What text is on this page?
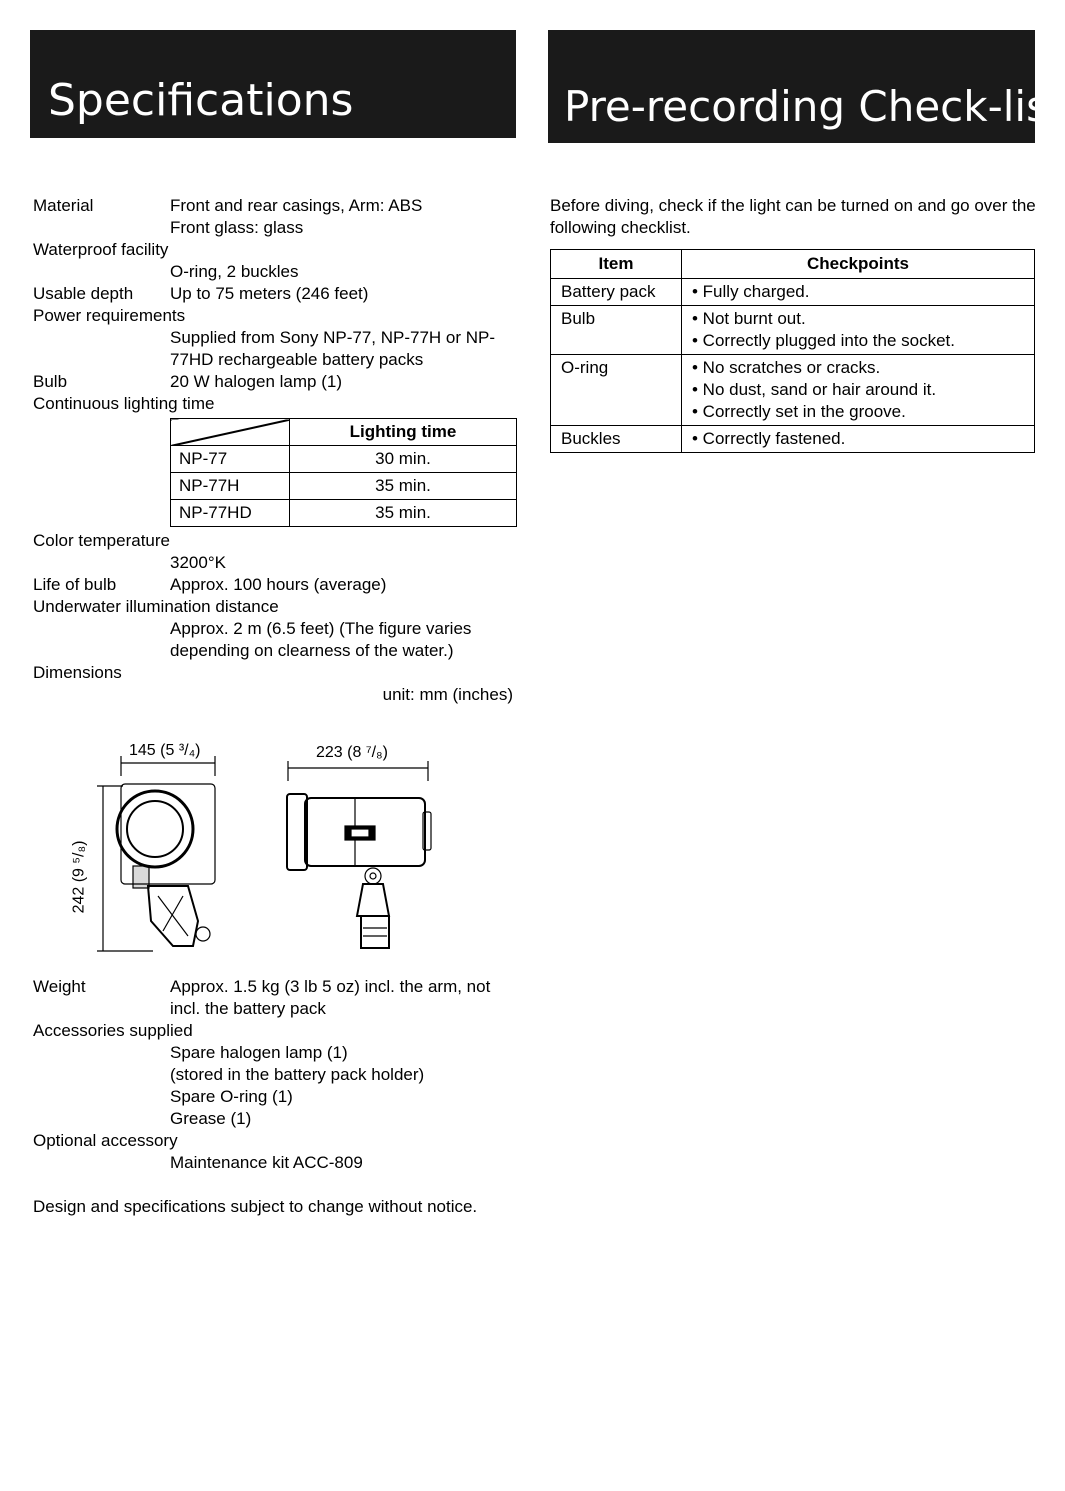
Specifications	Pre-recording Check-list
Material	Front and rear casings, Arm: ABS
Front glass: glass
Waterproof facility
O-ring, 2 buckles
Usable depth Up to 75 meters (246 feet)
Power requirements
Supplied from Sony NP-77, NP-77H or NP-77HD rechargeable battery packs
Bulb	20 W halogen lamp (1)
Continuous lighting time
	Lighting time
NP-77	30 min.
NP-77H	35 min.
NP-77HD	35 min.
Color temperature
3200°K
Life of bulb	Approx. 100 hours (average)
Underwater illumination distance
Approx. 2 m (6.5 feet) (The figure varies depending on clearness of the water.)
Dimensions
unit: mm (inches)
145 (5 ³/₄)	223 (8 ⁷/₈)
242 (9 ⁵/₈)
Weight	Approx. 1.5 kg (3 lb 5 oz) incl. the arm, not incl. the battery pack
Accessories supplied
Spare halogen lamp (1)
(stored in the battery pack holder)
Spare O-ring (1)
Grease (1)
Optional accessory
Maintenance kit ACC-809
Design and specifications subject to change without notice.
Before diving, check if the light can be turned on and go over the following checklist.
Item	Checkpoints
Battery pack	• Fully charged.

Bulb	• Not burnt out.
• Correctly plugged into the socket.

O-ring	• No scratches or cracks.
• No dust, sand or hair around it.
• Correctly set in the groove.

Buckles	• Correctly fastened.
